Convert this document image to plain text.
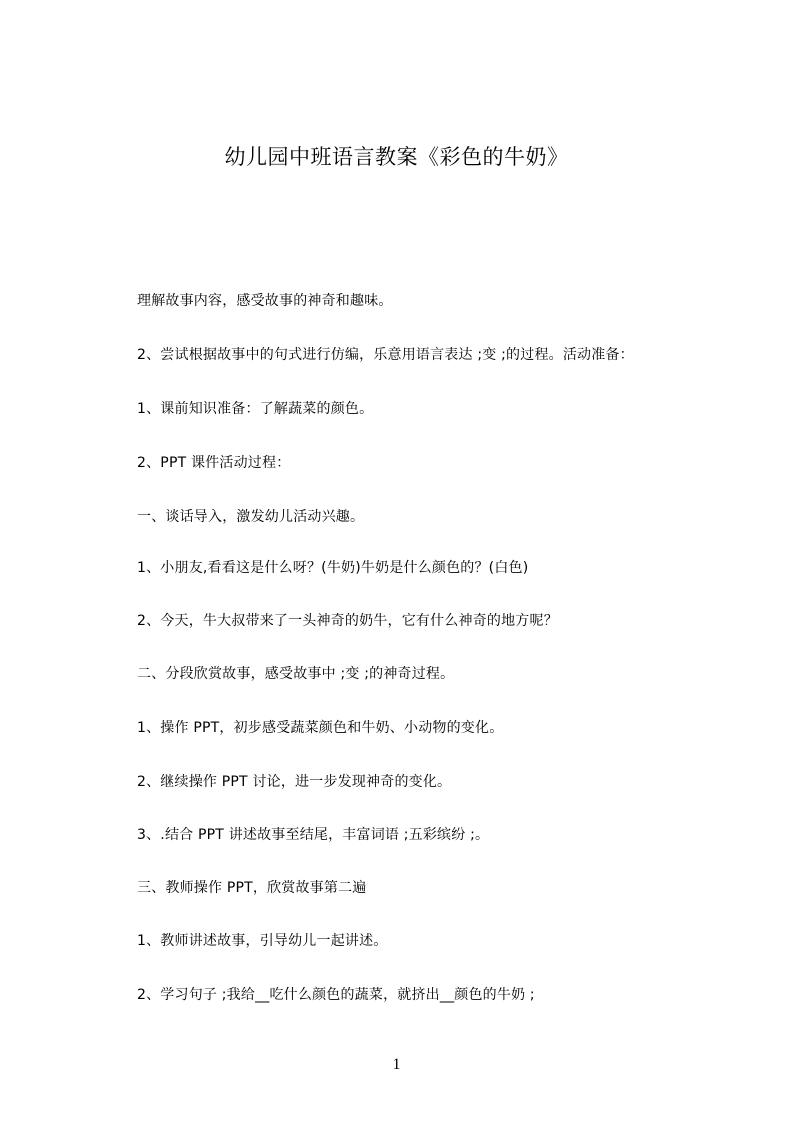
幼儿园中班语言教案《彩色的牛奶》
理解故事内容，感受故事的神奇和趣味。
2、尝试根据故事中的句式进行仿编，乐意用语言表达 ;变 ;的过程。活动准备：
1、课前知识准备：了解蔬菜的颜色。
2、PPT 课件活动过程：
一、谈话导入，激发幼儿活动兴趣。
1、小朋友,看看这是什么呀？(牛奶)牛奶是什么颜色的？(白色)
2、今天，牛大叔带来了一头神奇的奶牛，它有什么神奇的地方呢？
二、分段欣赏故事，感受故事中 ;变 ;的神奇过程。
1、操作 PPT，初步感受蔬菜颜色和牛奶、小动物的变化。
2、继续操作 PPT 讨论，进一步发现神奇的变化。
3、.结合 PPT 讲述故事至结尾，丰富词语 ;五彩缤纷 ;。
三、教师操作 PPT，欣赏故事第二遍
1、教师讲述故事，引导幼儿一起讲述。
2、学习句子 ;我给__吃什么颜色的蔬菜，就挤出__颜色的牛奶 ;
1
